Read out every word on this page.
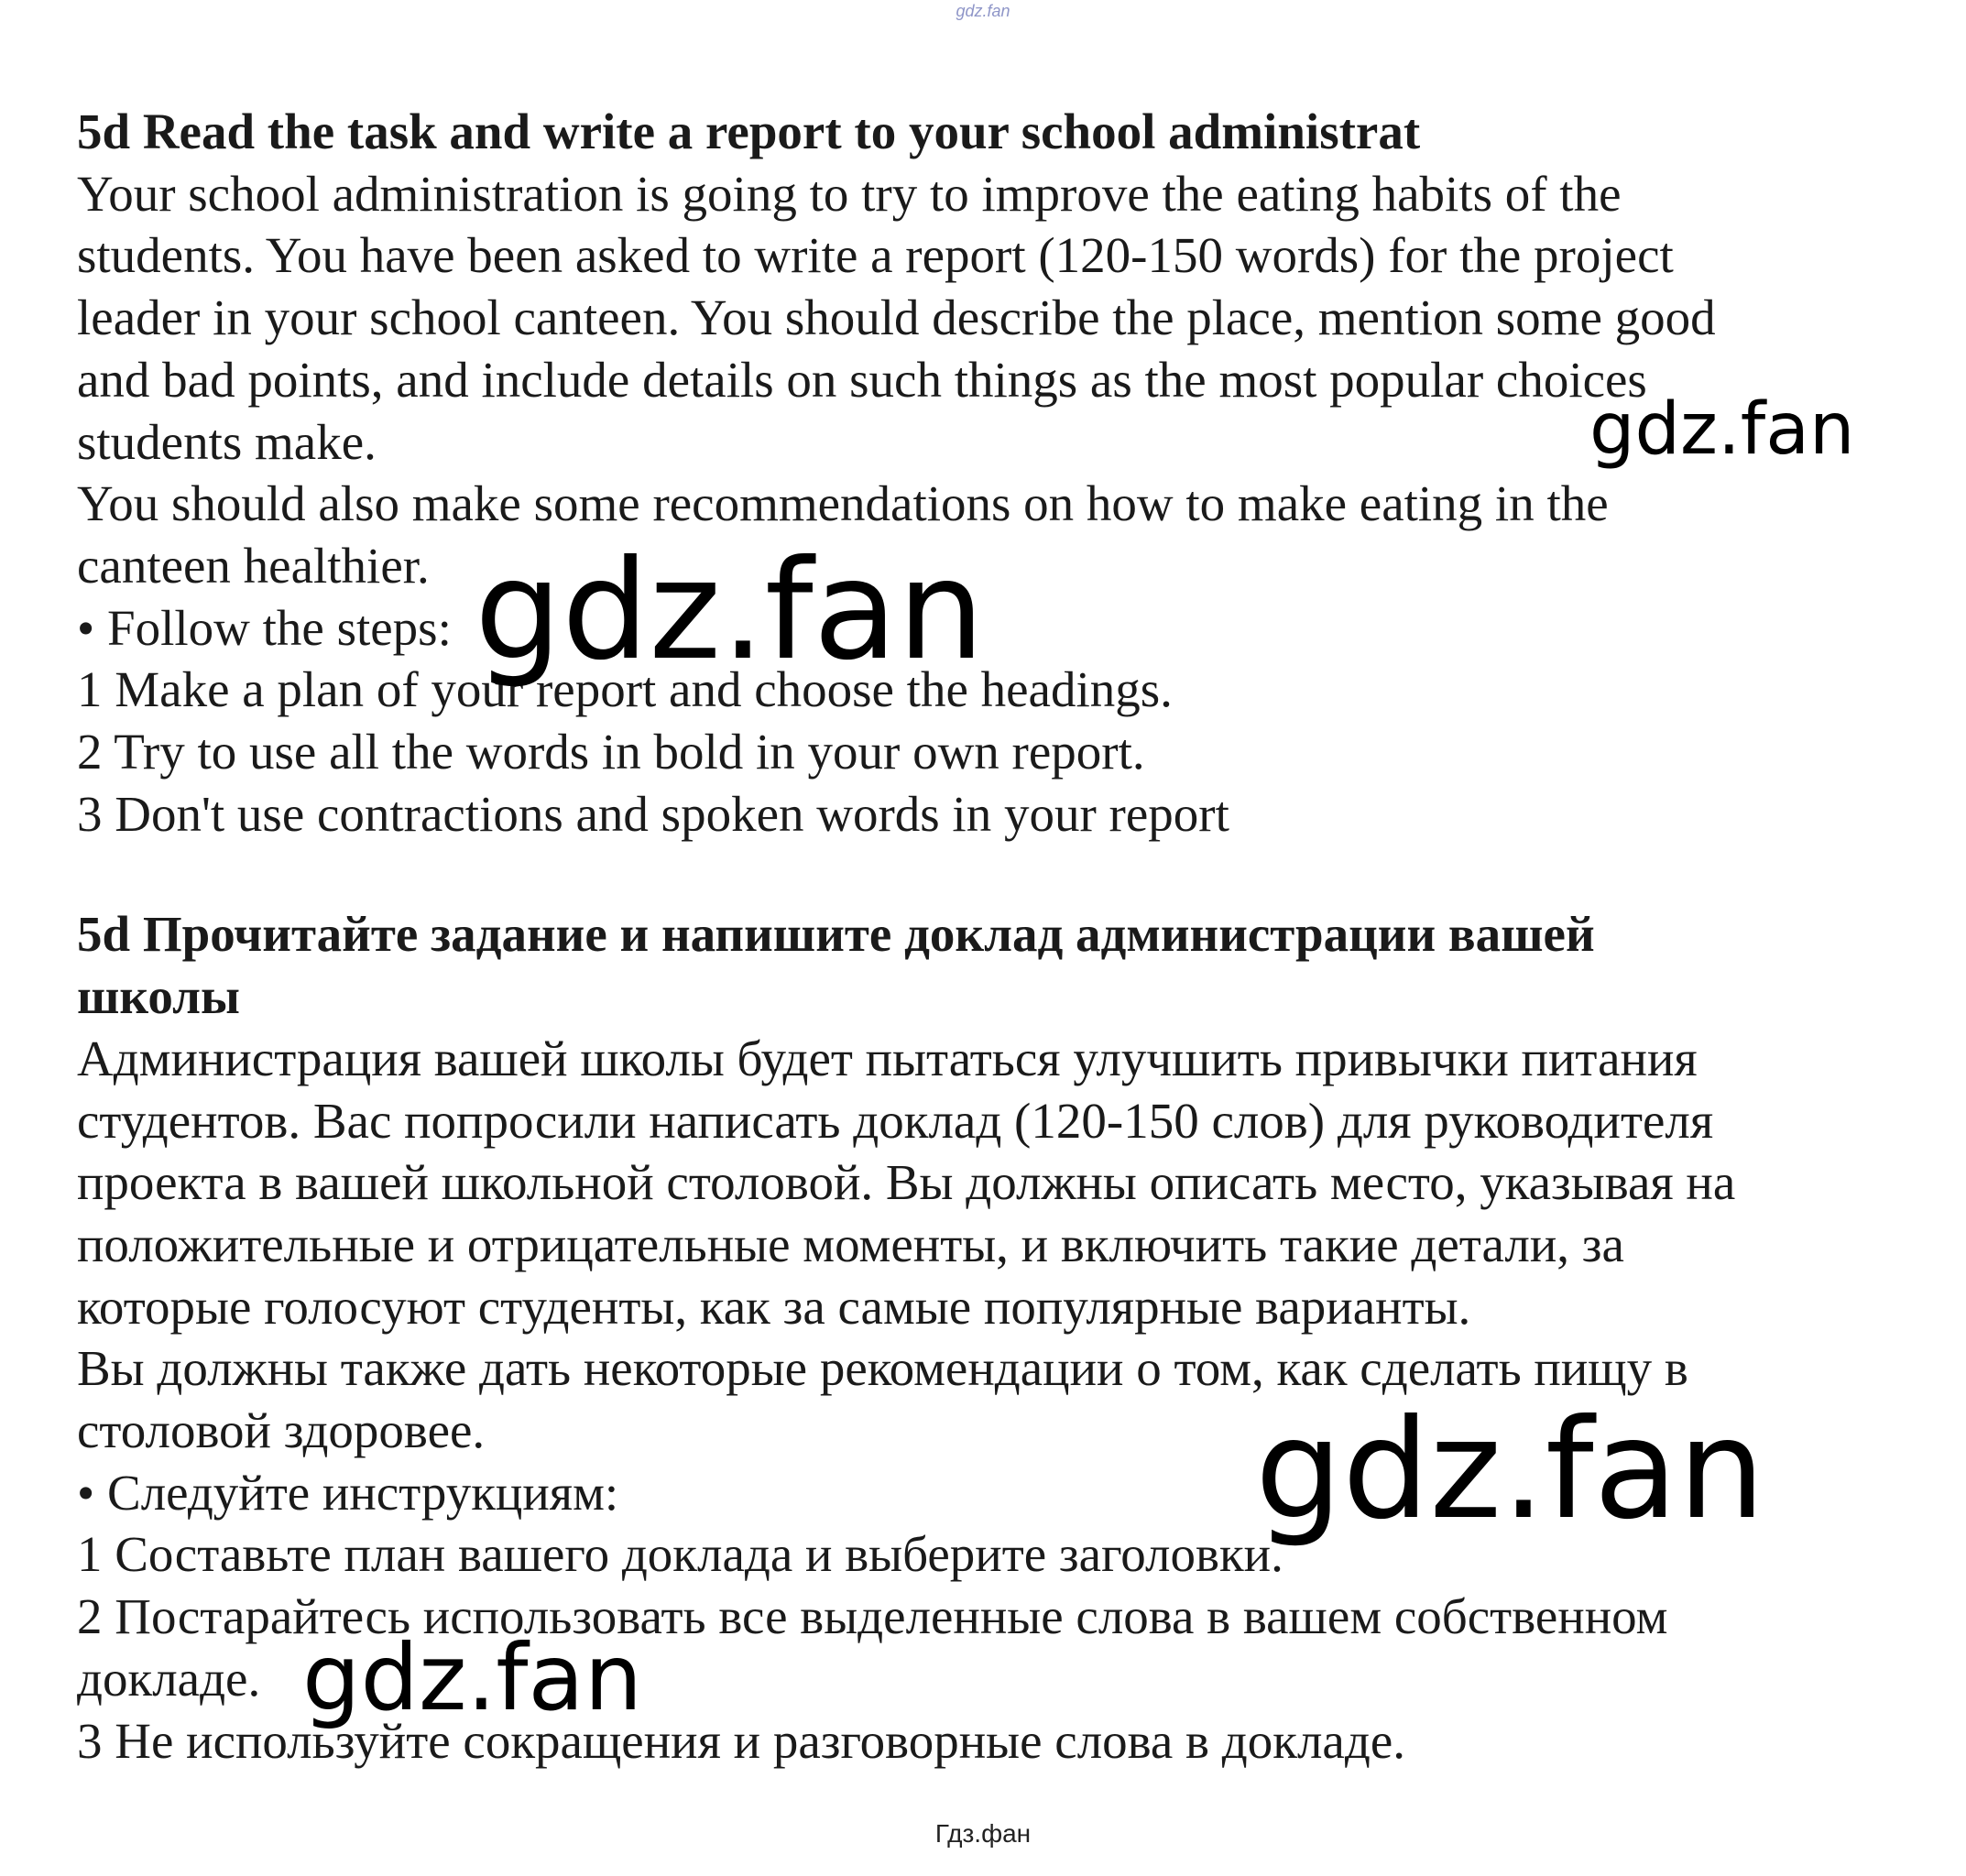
gdz.fan
5d Read the task and write a report to your school administrat
Your school administration is going to try to improve the eating habits of the
students. You have been asked to write a report (120-150 words) for the project
leader in your school canteen. You should describe the place, mention some good
and bad points, and include details on such things as the most popular choices
students make.
You should also make some recommendations on how to make eating in the
canteen healthier.
• Follow the steps:
1 Make a plan of your report and choose the headings.
2 Try to use all the words in bold in your own report.
3 Don't use contractions and spoken words in your report
5d Прочитайте задание и напишите доклад администрации вашей
школы
Администрация вашей школы будет пытаться улучшить привычки питания
студентов. Вас попросили написать доклад (120-150 слов) для руководителя
проекта в вашей школьной столовой. Вы должны описать место, указывая на
положительные и отрицательные моменты, и включить такие детали, за
которые голосуют студенты, как за самые популярные варианты.
Вы должны также дать некоторые рекомендации о том, как сделать пищу в
столовой здоровее.
• Следуйте инструкциям:
1 Составьте план вашего доклада и выберите заголовки.
2 Постарайтесь использовать все выделенные слова в вашем собственном
докладе.
3 Не используйте сокращения и разговорные слова в докладе.
gdz.fan
gdz.fan
gdz.fan
gdz.fan
Гдз.фан
